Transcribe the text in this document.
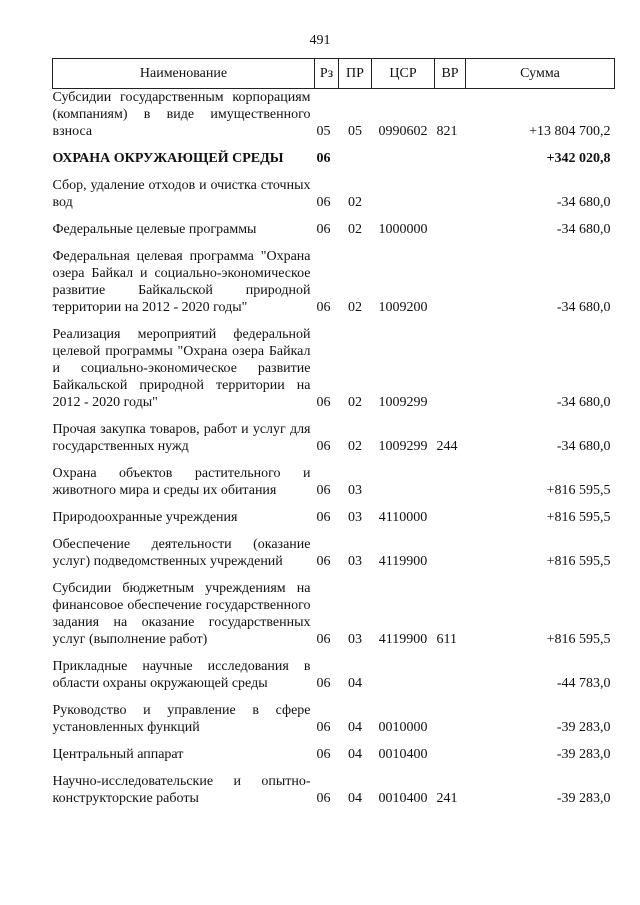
491
Наименование	Рз	ПР	ЦСР	ВР	Сумма
Субсидии государственным корпорациям (компаниям) в виде имущественного взноса	05	05	0990602	821	+13 804 700,2
ОХРАНА ОКРУЖАЮЩЕЙ СРЕДЫ	06				+342 020,8
Сбор, удаление отходов и очистка сточных вод	06	02			-34 680,0
Федеральные целевые программы	06	02	1000000		-34 680,0
Федеральная целевая программа "Охрана озера Байкал и социально-экономическое развитие Байкальской природной территории на 2012 - 2020 годы"	06	02	1009200		-34 680,0
Реализация мероприятий федеральной целевой программы "Охрана озера Байкал и социально-экономическое развитие Байкальской природной территории на 2012 - 2020 годы"	06	02	1009299		-34 680,0
Прочая закупка товаров, работ и услуг для государственных нужд	06	02	1009299	244	-34 680,0
Охрана объектов растительного и животного мира и среды их обитания	06	03			+816 595,5
Природоохранные учреждения	06	03	4110000		+816 595,5
Обеспечение деятельности (оказание услуг) подведомственных учреждений	06	03	4119900		+816 595,5
Субсидии бюджетным учреждениям на финансовое обеспечение государственного задания на оказание государственных услуг (выполнение работ)	06	03	4119900	611	+816 595,5
Прикладные научные исследования в области охраны окружающей среды	06	04			-44 783,0
Руководство и управление в сфере установленных функций	06	04	0010000		-39 283,0
Центральный аппарат	06	04	0010400		-39 283,0
Научно-исследовательские и опытно-конструкторские работы	06	04	0010400	241	-39 283,0
